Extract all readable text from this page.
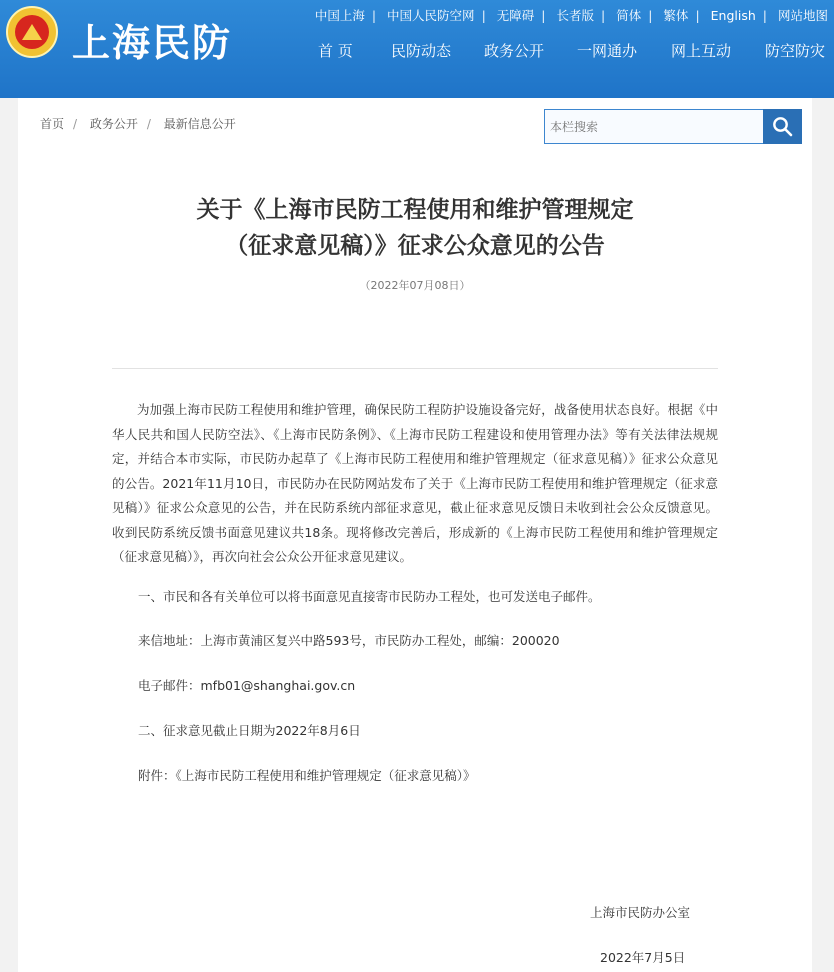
上海民防
中国上海 | 中国人民防空网 | 无障碍 | 长者版 | 简体 | 繁体 | English | 网站地图
首 页	民防动态 政务公开 一网通办 网上互动 防空防灾
首页 / 政务公开 / 最新信息公开
本栏搜索
关于《上海市民防工程使用和维护管理规定
（征求意见稿）》征求公众意见的公告
（2022年07月08日）
为加强上海市民防工程使用和维护管理，确保民防工程防护设施设备完好，战备使用状态良好。根据《中华人民共和国人民防空法》、《上海市民防条例》、《上海市民防工程建设和使用管理办法》等有关法律法规规定，并结合本市实际，市民防办起草了《上海市民防工程使用和维护管理规定（征求意见稿）》征求公众意见的公告。2021年11月10日，市民防办在民防网站发布了关于《上海市民防工程使用和维护管理规定（征求意见稿）》征求公众意见的公告，并在民防系统内部征求意见，截止征求意见反馈日未收到社会公众反馈意见。收到民防系统反馈书面意见建议共18条。现将修改完善后，形成新的《上海市民防工程使用和维护管理规定（征求意见稿）》，再次向社会公众公开征求意见建议。
一、市民和各有关单位可以将书面意见直接寄市民防办工程处，也可发送电子邮件。
来信地址：上海市黄浦区复兴中路593号，市民防办工程处，邮编：200020
电子邮件：mfb01@shanghai.gov.cn
二、征求意见截止日期为2022年8月6日
附件：《上海市民防工程使用和维护管理规定（征求意见稿）》
上海市民防办公室
2022年7月5日
